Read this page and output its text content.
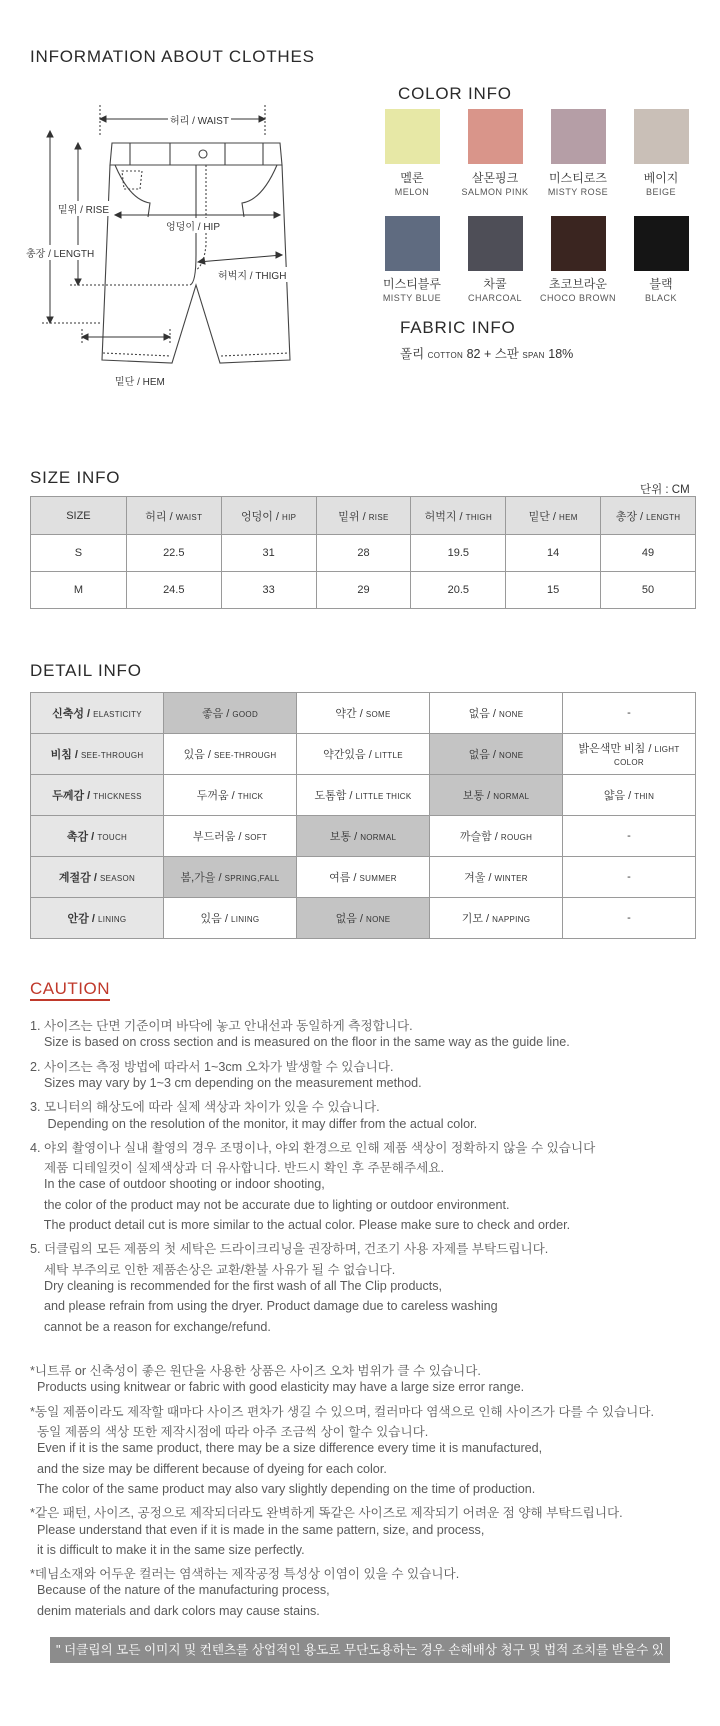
INFORMATION ABOUT CLOTHES
허리 / WAIST
밑위 / RISE
엉덩이 / HIP
총장 / LENGTH
허벅지 / THIGH
밑단 / HEM
COLOR INFO
멜론
MELON
살몬핑크
SALMON PINK
미스티로즈
MISTY ROSE
베이지
BEIGE
미스티블루
MISTY BLUE
차콜
CHARCOAL
초코브라운
CHOCO BROWN
블랙
BLACK
FABRIC INFO
폴리 COTTON 82 + 스판 SPAN 18%
SIZE INFO
단위 : CM
SIZE	허리 / WAIST	엉덩이 / HIP	밑위 / RISE	허벅지 / THIGH	밑단 / HEM	총장 / LENGTH
S	22.5	31	28	19.5	14	49
M	24.5	33	29	20.5	15	50
DETAIL INFO
신축성 / ELASTICITY	좋음 / GOOD	약간 / SOME	없음 / NONE	-
비침 / SEE-THROUGH	있음 / SEE-THROUGH	약간있음 / LITTLE	없음 / NONE	밝은색만 비침 / LIGHT COLOR
두께감 / THICKNESS	두꺼움 / THICK	도톰함 / LITTLE THICK	보통 / NORMAL	얇음 / THIN
촉감 / TOUCH	부드러움 / SOFT	보통 / NORMAL	까슬함 / ROUGH	-
계절감 / SEASON	봄,가을 / SPRING,FALL	여름 / SUMMER	겨울 / WINTER	-
안감 / LINING	있음 / LINING	없음 / NONE	기모 / NAPPING	-
CAUTION
1. 사이즈는 단면 기준이며 바닥에 놓고 안내선과 동일하게 측정합니다.
Size is based on cross section and is measured on the floor in the same way as the guide line.
2. 사이즈는 측정 방법에 따라서 1~3cm 오차가 발생할 수 있습니다.
Sizes may vary by 1~3 cm depending on the measurement method.
3. 모니터의 해상도에 따라 실제 색상과 차이가 있을 수 있습니다.
Depending on the resolution of the monitor, it may differ from the actual color.
4. 야외 촬영이나 실내 촬영의 경우 조명이나, 야외 환경으로 인해 제품 색상이 정확하지 않을 수 있습니다
제품 디테일컷이 실제색상과 더 유사합니다. 반드시 확인 후 주문해주세요.
In the case of outdoor shooting or indoor shooting,
the color of the product may not be accurate due to lighting or outdoor environment.
The product detail cut is more similar to the actual color. Please make sure to check and order.
5. 더클립의 모든 제품의 첫 세탁은 드라이크리닝을 권장하며, 건조기 사용 자제를 부탁드립니다.
세탁 부주의로 인한 제품손상은 교환/환불 사유가 될 수 없습니다.
Dry cleaning is recommended for the first wash of all The Clip products,
and please refrain from using the dryer. Product damage due to careless washing
cannot be a reason for exchange/refund.
*니트류 or 신축성이 좋은 원단을 사용한 상품은 사이즈 오차 범위가 클 수 있습니다.
Products using knitwear or fabric with good elasticity may have a large size error range.
*동일 제품이라도 제작할 때마다 사이즈 편차가 생길 수 있으며, 컬러마다 염색으로 인해 사이즈가 다를 수 있습니다.
동일 제품의 색상 또한 제작시점에 따라 아주 조금씩 상이 할수 있습니다.
Even if it is the same product, there may be a size difference every time it is manufactured,
and the size may be different because of dyeing for each color.
The color of the same product may also vary slightly depending on the time of production.
*같은 패턴, 사이즈, 공정으로 제작되더라도 완벽하게 똑같은 사이즈로 제작되기 어려운 점 양해 부탁드립니다.
Please understand that even if it is made in the same pattern, size, and process,
it is difficult to make it in the same size perfectly.
*데님소재와 어두운 컬러는 염색하는 제작공정 특성상 이염이 있을 수 있습니다.
Because of the nature of the manufacturing process,
denim materials and dark colors may cause stains.
" 더클립의 모든 이미지 및 컨텐츠를 상업적인 용도로 무단도용하는 경우 손해배상 청구 및 법적 조치를 받을수 있습니다. "
